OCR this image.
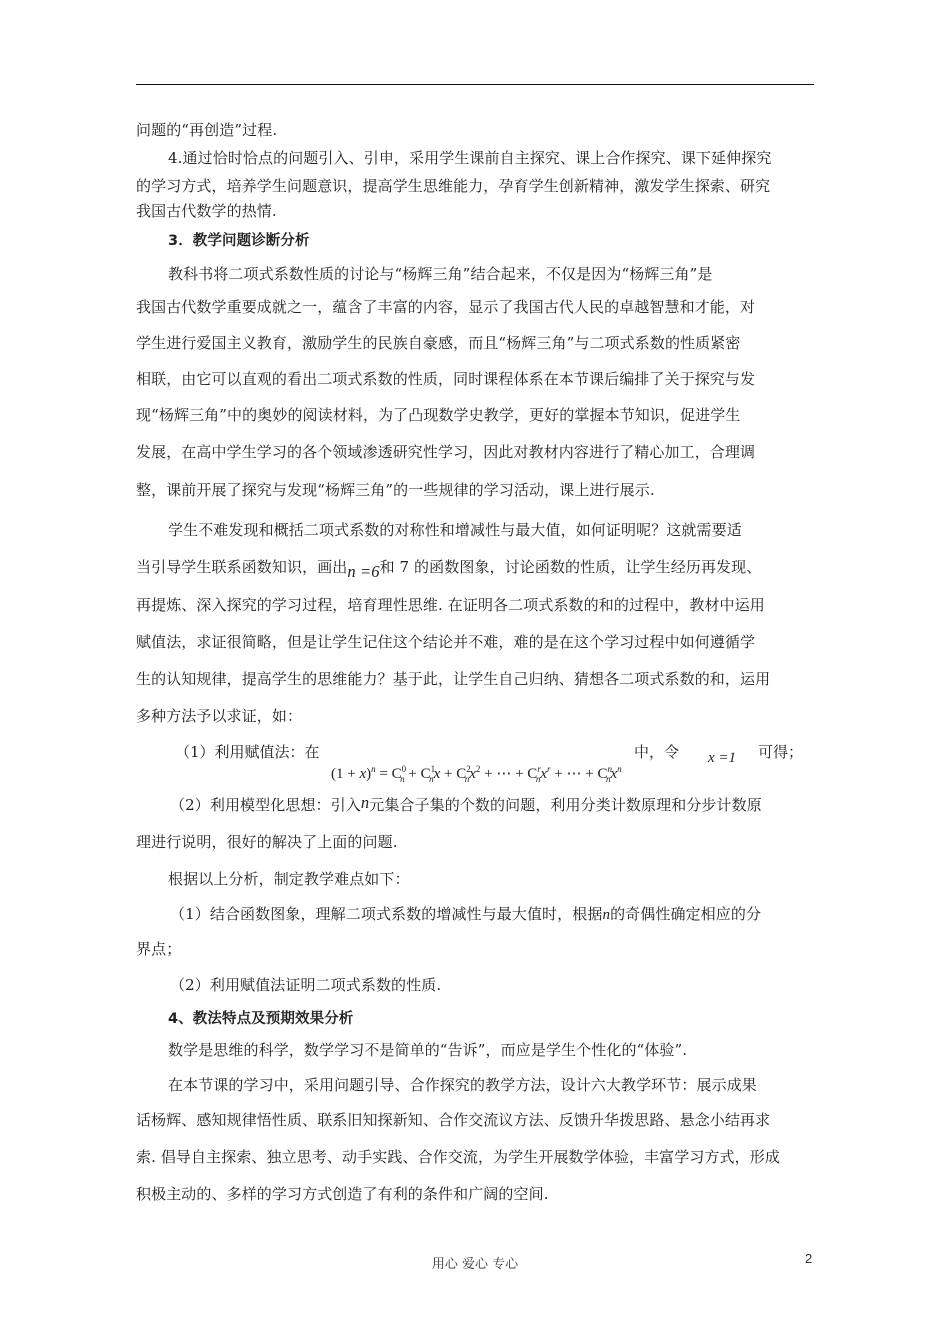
问题的“再创造”过程.
4.通过恰时恰点的问题引入、引申，采用学生课前自主探究、课上合作探究、课下延伸探究
的学习方式，培养学生问题意识，提高学生思维能力，孕育学生创新精神，激发学生探索、研究
我国古代数学的热情.
3．教学问题诊断分析
教科书将二项式系数性质的讨论与“杨辉三角”结合起来，不仅是因为“杨辉三角”是
我国古代数学重要成就之一，蕴含了丰富的内容，显示了我国古代人民的卓越智慧和才能，对
学生进行爱国主义教育，激励学生的民族自豪感，而且“杨辉三角”与二项式系数的性质紧密
相联，由它可以直观的看出二项式系数的性质，同时课程体系在本节课后编排了关于探究与发
现“杨辉三角”中的奥妙的阅读材料，为了凸现数学史教学，更好的掌握本节知识，促进学生
发展，在高中学生学习的各个领域渗透研究性学习，因此对教材内容进行了精心加工，合理调
整，课前开展了探究与发现“杨辉三角”的一些规律的学习活动，课上进行展示.
学生不难发现和概括二项式系数的对称性和增减性与最大值，如何证明呢？这就需要适
当引导学生联系函数知识，画出n =6和 7 的函数图象，讨论函数的性质，让学生经历再发现、
再提炼、深入探究的学习过程，培育理性思维. 在证明各二项式系数的和的过程中，教材中运用
赋值法，求证很简略，但是让学生记住这个结论并不难，难的是在这个学习过程中如何遵循学
生的认知规律，提高学生的思维能力？基于此，让学生自己归纳、猜想各二项式系数的和，运用
多种方法予以求证，如：
（1）利用赋值法：在
$(1 + x)^n = C^0_n + C^1_nx + C^2_nx^2$ + ⋯ + $C^r_nx^r$ + ⋯ + $C^n_nx^n$
中，令 x =1 可得；
（2）利用模型化思想：引入n元集合子集的个数的问题，利用分类计数原理和分步计数原
理进行说明，很好的解决了上面的问题.
根据以上分析，制定教学难点如下：
（1）结合函数图象，理解二项式系数的增减性与最大值时，根据n的奇偶性确定相应的分
界点；
（2）利用赋值法证明二项式系数的性质.
4、教法特点及预期效果分析
数学是思维的科学，数学学习不是简单的“告诉”，而应是学生个性化的“体验”.
在本节课的学习中，采用问题引导、合作探究的教学方法，设计六大教学环节：展示成果
话杨辉、感知规律悟性质、联系旧知探新知、合作交流议方法、反馈升华拨思路、悬念小结再求
索. 倡导自主探索、独立思考、动手实践、合作交流，为学生开展数学体验，丰富学习方式，形成
积极主动的、多样的学习方式创造了有利的条件和广阔的空间.
用心 爱心 专心	2
